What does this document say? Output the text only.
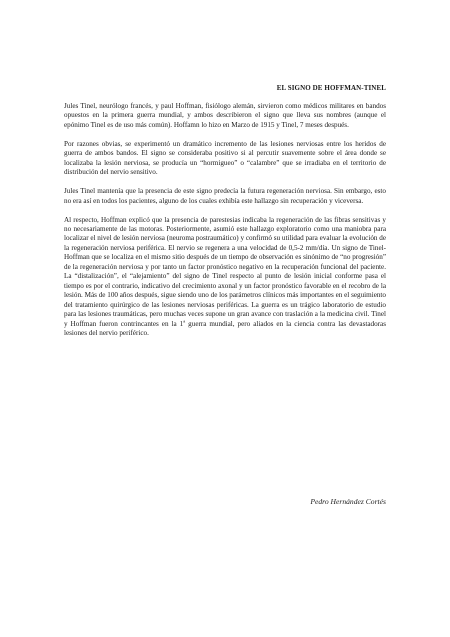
EL SIGNO DE HOFFMAN-TINEL

Jules Tinel, neurólogo francés, y paul Hoffman, fisiólogo alemán, sirvieron como médicos militares en bandos opuestos en la primera guerra mundial, y ambos describieron el signo que lleva sus nombres (aunque el epónimo Tinel es de uso más común). Hoffamn lo hizo en Marzo de 1915 y Tinel, 7 meses después.

Por razones obvias, se experimentó un dramático incremento de las lesiones nerviosas entre los heridos de guerra de ambos bandos. El signo se consideraba positivo si al percutir suavemente sobre el área donde se localizaba la lesión nerviosa, se producía un “hormigueo” o “calambre” que se irradiaba en el territorio de distribución del nervio sensitivo.

Jules Tinel mantenía que la presencia de este signo predecía la futura regeneración nerviosa. Sin embargo, esto no era así en todos los pacientes, alguno de los cuales exhibía este hallazgo sin recuperación y viceversa.

Al respecto, Hoffman explicó que la presencia de parestesias indicaba la regeneración de las fibras sensitivas y no necesariamente de las motoras. Posteriormente, asumió este hallazgo exploratorio como una maniobra para localizar el nivel de lesión nerviosa (neuroma postraumático) y confirmó su utilidad para evaluar la evolución de la regeneración nerviosa periférica. El nervio se regenera a una velocidad de 0,5-2 mm/día. Un signo de Tinel-Hoffman que se localiza en el mismo sitio después de un tiempo de observación es sinónimo de “no progresión” de la regeneración nerviosa y por tanto un factor pronóstico negativo en la recuperación funcional del paciente. La “distalización”, el “alejamiento” del signo de Tinel respecto al punto de lesión inicial conforme pasa el tiempo es por el contrario, indicativo del crecimiento axonal y un factor pronóstico favorable en el recobro de la lesión. Más de 100 años después, sigue siendo uno de los parámetros clínicos más importantes en el seguimiento del tratamiento quirúrgico de las lesiones nerviosas periféricas. La guerra es un trágico laboratorio de estudio para las lesiones traumáticas, pero muchas veces supone un gran avance con traslación a la medicina civil. Tinel y Hoffman fueron contrincantes en la 1$^a$ guerra mundial, pero aliados en la ciencia contra las devastadoras lesiones del nervio periférico.

Pedro Hernández Cortés
